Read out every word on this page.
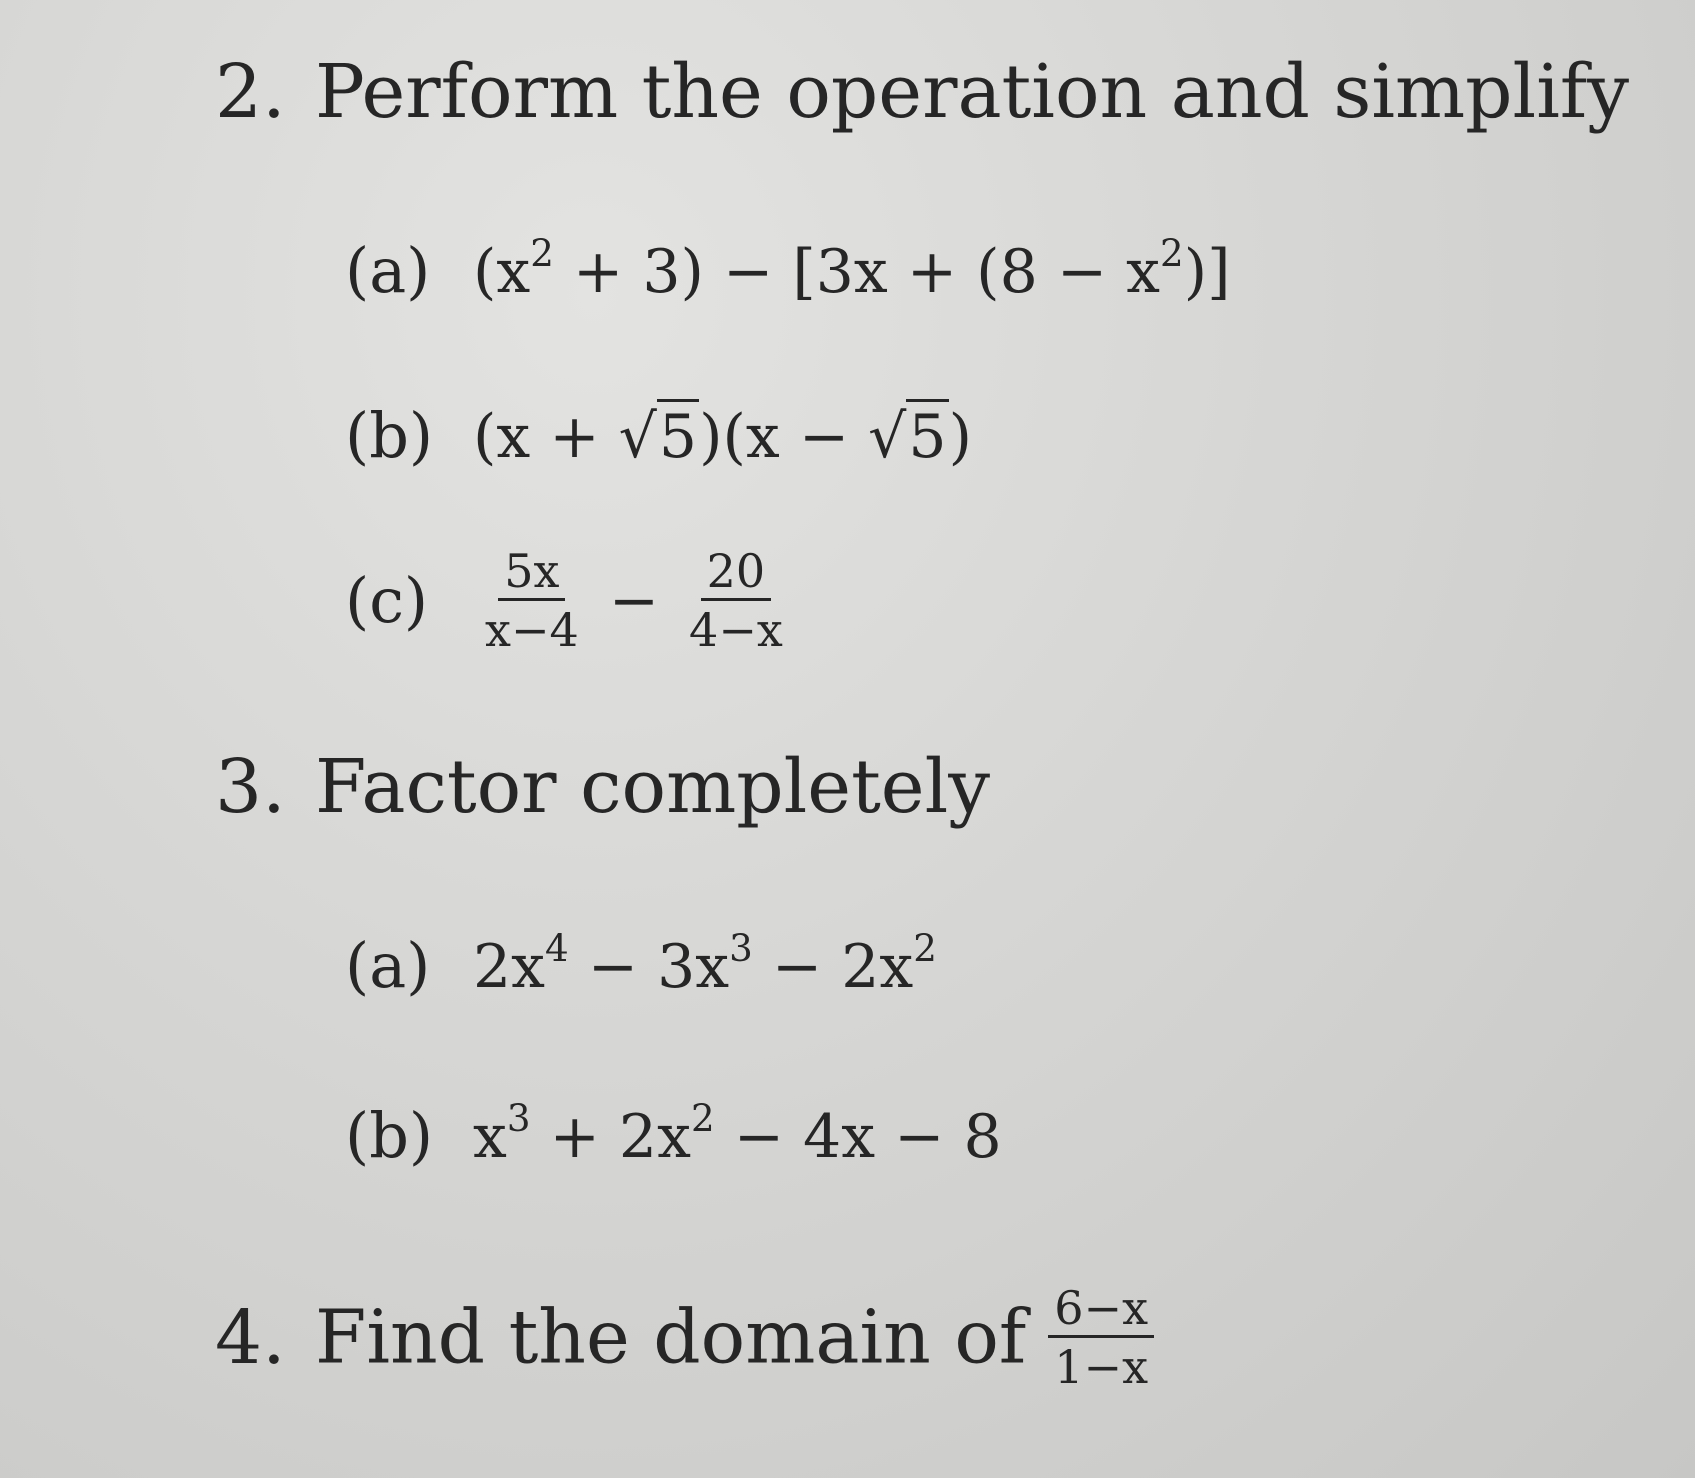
2. Perform the operation and simplify
(a) $(x^2 + 3) - [3x + (8 - x^2)]$
(b) (x + √5)(x − √5)
$(c) \frac{5x}{x-4} - \frac{20}{4-x}$
3. Factor completely
(a) $2x^4 - 3x^3 - 2x^2$
(b) $x^3 + 2x^2 - 4x - 8$
4. Find the domain of $\frac{6-x}{1-x}$
